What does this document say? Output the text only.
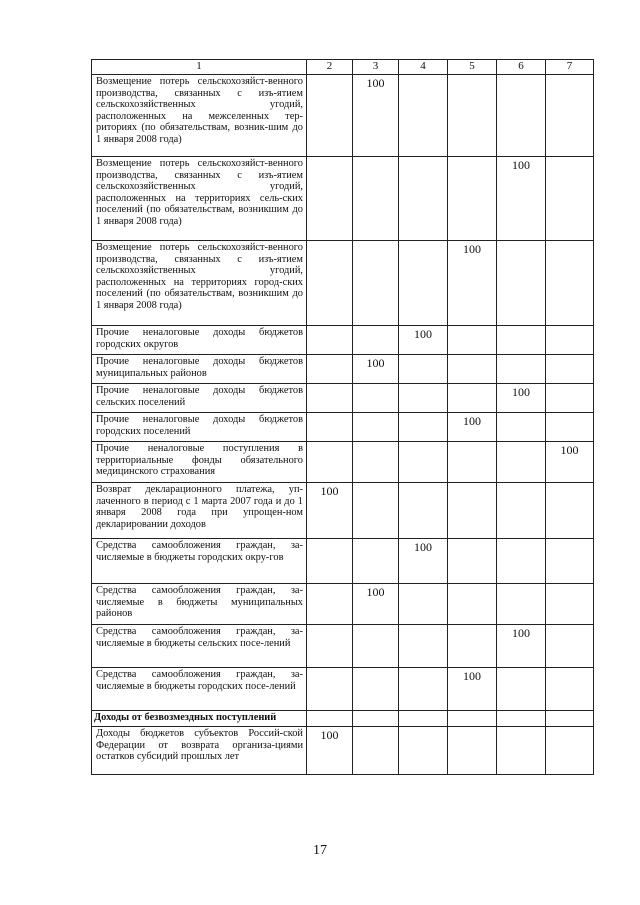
1	2	3	4	5	6	7
Возмещение потерь сельскохозяйст-венного производства, связанных с изъ-ятием сельскохозяйственных угодий, расположенных на межселенных тер-риториях (по обязательствам, возник-шим до 1 января 2008 года)		100				
Возмещение потерь сельскохозяйст-венного производства, связанных с изъ-ятием сельскохозяйственных угодий, расположенных на территориях сель-ских поселений (по обязательствам, возникшим до 1 января 2008 года)					100	
Возмещение потерь сельскохозяйст-венного производства, связанных с изъ-ятием сельскохозяйственных угодий, расположенных на территориях город-ских поселений (по обязательствам, возникшим до 1 января 2008 года)				100		
Прочие неналоговые доходы бюджетов городских округов			100			
Прочие неналоговые доходы бюджетов муниципальных районов		100				
Прочие неналоговые доходы бюджетов сельских поселений					100	
Прочие неналоговые доходы бюджетов городских поселений				100		
Прочие неналоговые поступления в территориальные фонды обязательного медицинского страхования						100
Возврат декларационного платежа, уп-лаченного в период с 1 марта 2007 года и до 1 января 2008 года при упрощен-ном декларировании доходов	100					
Средства самообложения граждан, за-числяемые в бюджеты городских окру-гов			100			
Средства самообложения граждан, за-числяемые в бюджеты муниципальных районов		100				
Средства самообложения граждан, за-числяемые в бюджеты сельских посе-лений					100	
Средства самообложения граждан, за-числяемые в бюджеты городских посе-лений				100		
Доходы от безвозмездных поступлений						
Доходы бюджетов субъектов Россий-ской Федерации от возврата организа-циями остатков субсидий прошлых лет	100					
17
